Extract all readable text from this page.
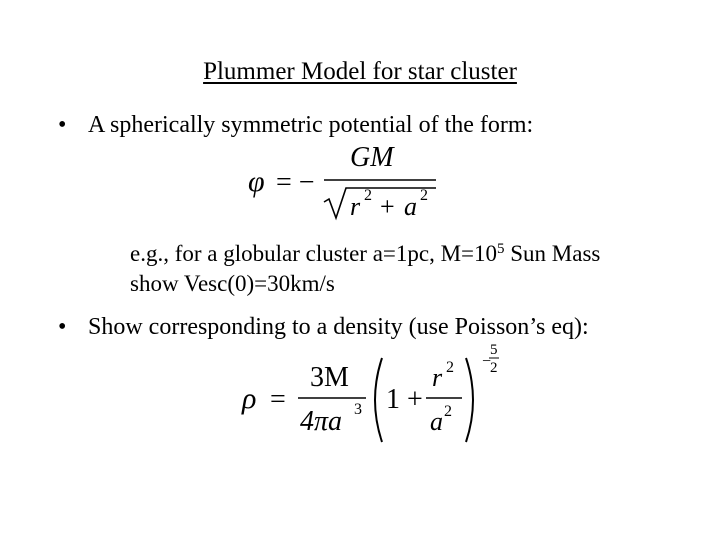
Plummer Model for star cluster
• A spherically symmetric potential of the form:
φ = −
GM
r 2 + a 2
e.g., for a globular cluster a=1pc, $M=10^5$ Sun Mass
show Vesc(0)=30km/s
• Show corresponding to a density (use Poisson’s eq):
ρ =
3M
4πa 3 1 +
r 2
a 2
−
5
2
